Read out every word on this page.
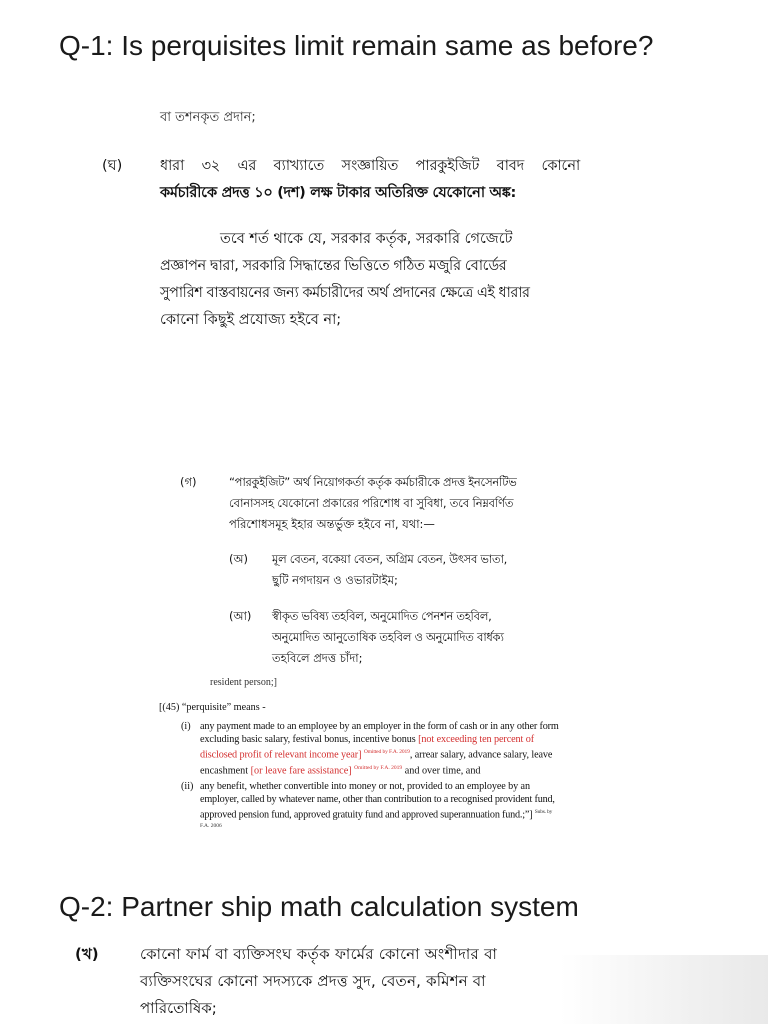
Q-1: Is perquisites limit remain same as before?
বা তশনকৃত প্রদান;
(ঘ)	ধারা ৩২ এর ব্যাখ্যাতে সংজ্ঞায়িত পারকুইজিট বাবদ কোনো
কর্মচারীকে প্রদত্ত ১০ (দশ) লক্ষ টাকার অতিরিক্ত যেকোনো অঙ্ক:
তবে শর্ত থাকে যে, সরকার কর্তৃক, সরকারি গেজেটে
প্রজ্ঞাপন দ্বারা, সরকারি সিদ্ধান্তের ভিত্তিতে গঠিত মজুরি বোর্ডের
সুপারিশ বাস্তবায়নের জন্য কর্মচারীদের অর্থ প্রদানের ক্ষেত্রে এই ধারার
কোনো কিছুই প্রযোজ্য হইবে না;
(গ)	“পারকুইজিট” অর্থ নিয়োগকর্তা কর্তৃক কর্মচারীকে প্রদত্ত ইনসেনটিভ
বোনাসসহ যেকোনো প্রকারের পরিশোধ বা সুবিধা, তবে নিম্নবর্ণিত
পরিশোধসমূহ ইহার অন্তর্ভুক্ত হইবে না, যথা:—
(অ) মূল বেতন, বকেয়া বেতন, অগ্রিম বেতন, উৎসব ভাতা,
ছুটি নগদায়ন ও ওভারটাইম;
(আ) স্বীকৃত ভবিষ্য তহবিল, অনুমোদিত পেনশন তহবিল,
অনুমোদিত আনুতোষিক তহবিল ও অনুমোদিত বার্ধক্য
তহবিলে প্রদত্ত চাঁদা;
resident person;]
[(45) “perquisite” means -
(i) any payment made to an employee by an employer in the form of cash or in any other form
excluding basic salary, festival bonus, incentive bonus [not exceeding ten percent of
disclosed profit of relevant income year] $^{Omitted by F.A. 2019}$, arrear salary, advance salary, leave
encashment [or leave fare assistance] $^{Omitted by F.A. 2019}$ and over time, and
(ii) any benefit, whether convertible into money or not, provided to an employee by an
employer, called by whatever name, other than contribution to a recognised provident fund,
approved pension fund, approved gratuity fund and approved superannuation fund.;”] $^{Subs. by}$
F.A. 2006
Q-2: Partner ship math calculation system
(খ)	কোনো ফার্ম বা ব্যক্তিসংঘ কর্তৃক ফার্মের কোনো অংশীদার বা
ব্যক্তিসংঘের কোনো সদস্যকে প্রদত্ত সুদ, বেতন, কমিশন বা
পারিতোষিক;
